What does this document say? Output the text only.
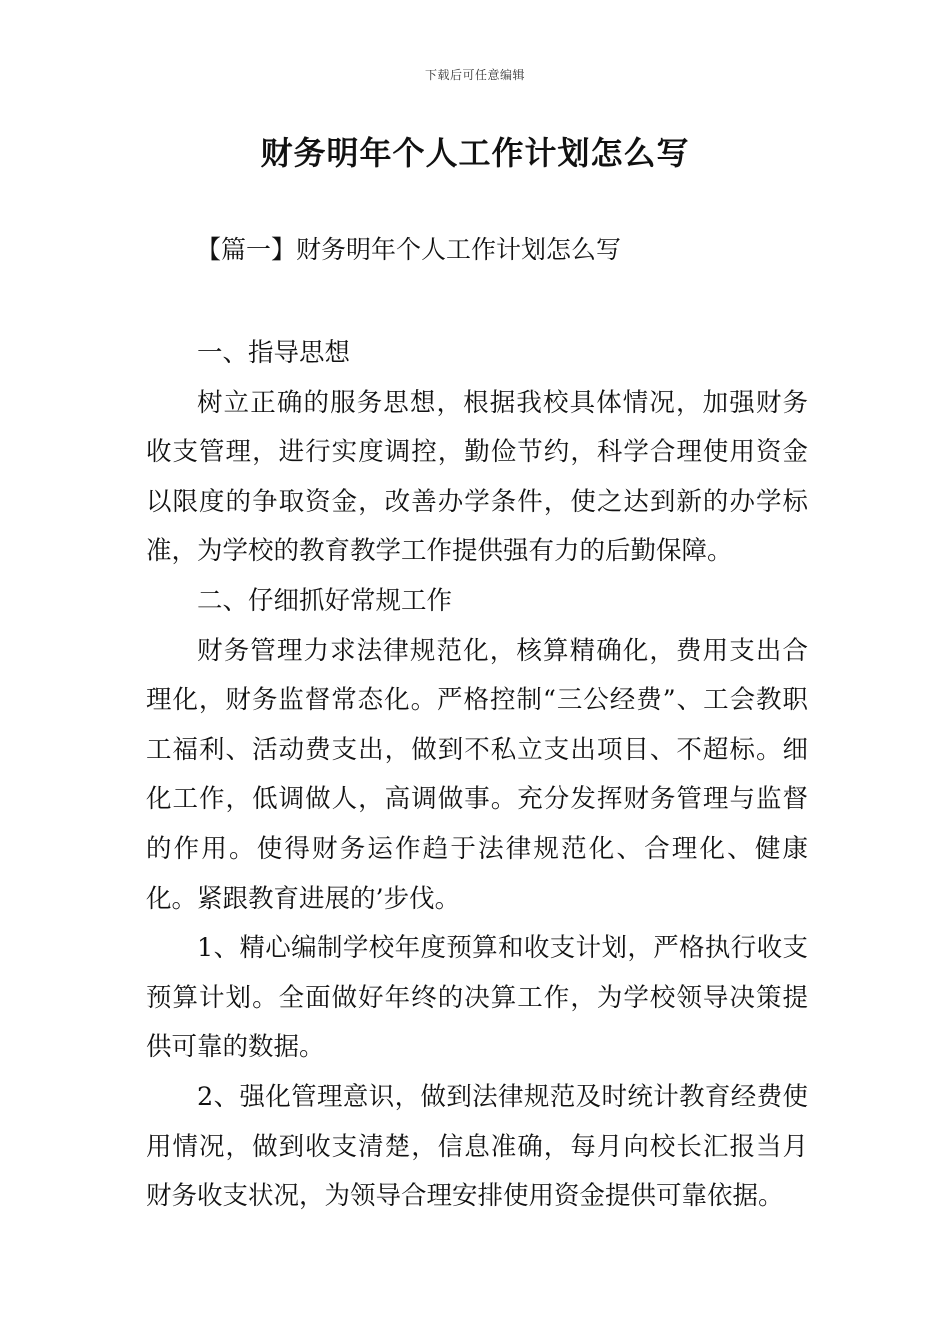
下载后可任意编辑
财务明年个人工作计划怎么写

【篇一】财务明年个人工作计划怎么写

一、指导思想

树立正确的服务思想，根据我校具体情况，加强财务收支管理，进行实度调控，勤俭节约，科学合理使用资金以限度的争取资金，改善办学条件，使之达到新的办学标准，为学校的教育教学工作提供强有力的后勤保障。

二、仔细抓好常规工作

财务管理力求法律规范化，核算精确化，费用支出合理化，财务监督常态化。严格控制“三公经费”、工会教职工福利、活动费支出，做到不私立支出项目、不超标。细化工作，低调做人，高调做事。充分发挥财务管理与监督的作用。使得财务运作趋于法律规范化、合理化、健康化。紧跟教育进展的’步伐。

1、精心编制学校年度预算和收支计划，严格执行收支预算计划。全面做好年终的决算工作，为学校领导决策提供可靠的数据。

2、强化管理意识，做到法律规范及时统计教育经费使用情况，做到收支清楚，信息准确，每月向校长汇报当月财务收支状况，为领导合理安排使用资金提供可靠依据。
